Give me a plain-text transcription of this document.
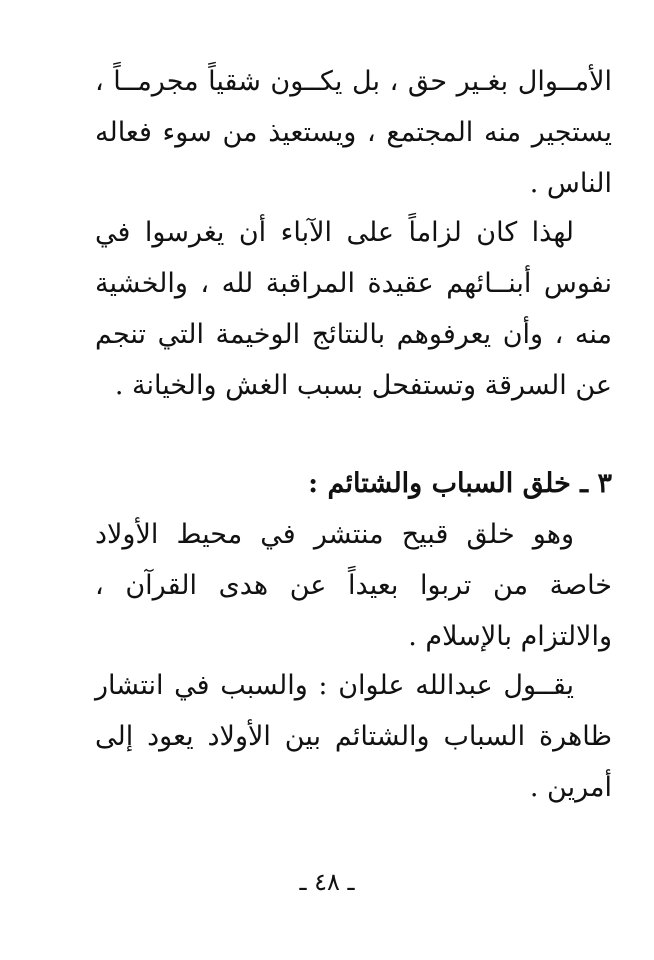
الأمــوال بغـير حق ، بل يكــون شقياً مجرمــاً ، يستجير منه المجتمع ، ويستعيذ من سوء فعاله الناس .

لهذا كان لزاماً على الآباء أن يغرسوا في نفوس أبنــائهم عقيدة المراقبة لله ، والخشية منه ، وأن يعرفوهم بالنتائج الوخيمة التي تنجم عن السرقة وتستفحل بسبب الغش والخيانة .

٣ ـ خلق السباب والشتائم :

وهو خلق قبيح منتشر في محيط الأولاد خاصة من تربوا بعيداً عن هدى القرآن ، والالتزام بالإسلام .

يقــول عبدالله علوان : والسبب في انتشار ظاهرة السباب والشتائم بين الأولاد يعود إلى أمرين .

ـ ٤٨ ـ
